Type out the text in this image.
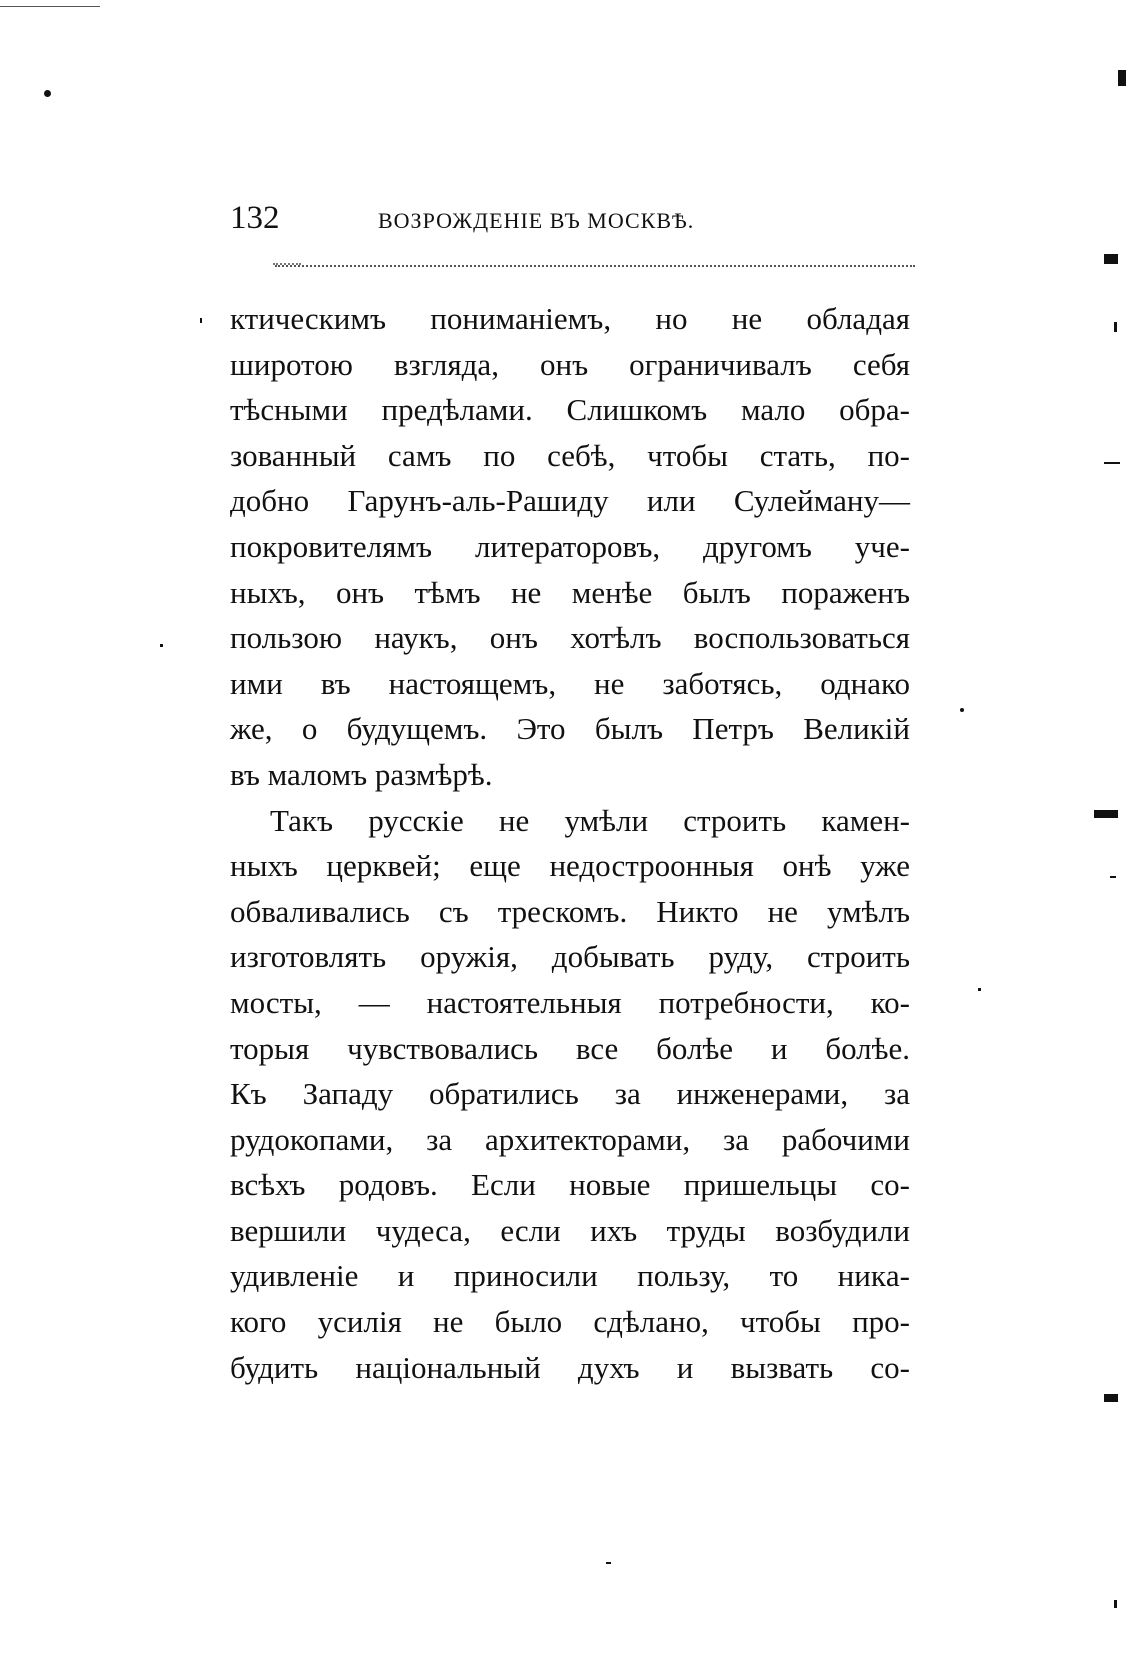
132	ВОЗРОЖДЕНІЕ ВЪ МОСКВѢ.
ктическимъ пониманіемъ, но не обладая
широтою взгляда, онъ ограничивалъ себя
тѣсными предѣлами. Слишкомъ мало обра-
зованный самъ по себѣ, чтобы стать, по-
добно Гарунъ-аль-Рашиду или Сулейману—
покровителямъ литераторовъ, другомъ уче-
ныхъ, онъ тѣмъ не менѣе былъ пораженъ
пользою наукъ, онъ хотѣлъ воспользоваться
ими въ настоящемъ, не заботясь, однако
же, о будущемъ. Это былъ Петръ Великій
въ маломъ размѣрѣ.
Такъ русскіе не умѣли строить камен-
ныхъ церквей; еще недостроонныя онѣ уже
обваливались съ трескомъ. Никто не умѣлъ
изготовлять оружія, добывать руду, строить
мосты, — настоятельныя потребности, ко-
торыя чувствовались все болѣе и болѣе.
Къ Западу обратились за инженерами, за
рудокопами, за архитекторами, за рабочими
всѣхъ родовъ. Если новые пришельцы со-
вершили чудеса, если ихъ труды возбудили
удивленіе и приносили пользу, то никa-
кого усилія не было сдѣлано, чтобы про-
будить національный духъ и вызвать со-
